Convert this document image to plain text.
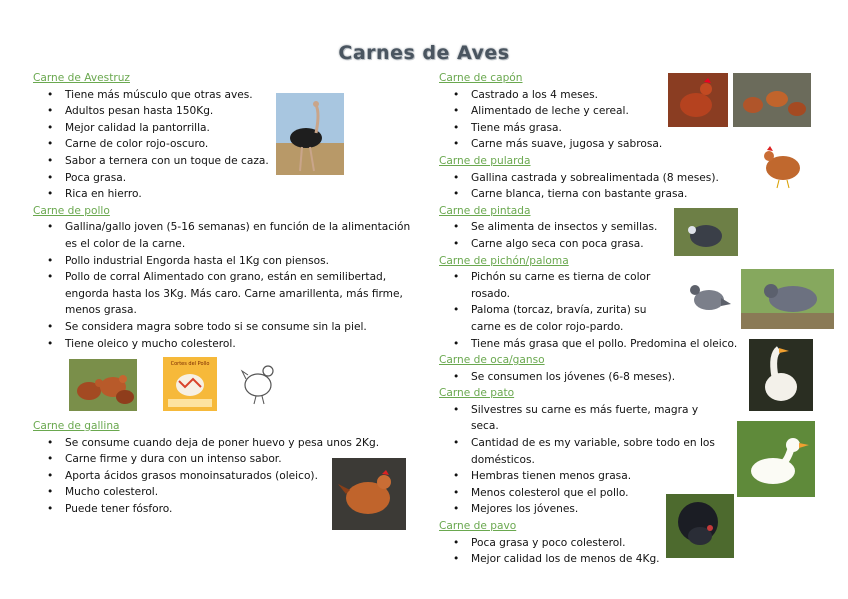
Carnes de Aves
Carne de Avestruz
• Tiene más músculo que otras aves.
• Adultos pesan hasta 150Kg.
• Mejor calidad la pantorrilla.
• Carne de color rojo-oscuro.
• Sabor a ternera con un toque de caza.
• Poca grasa.
• Rica en hierro.
Carne de pollo
• Gallina/gallo joven (5-16 semanas) en función de la alimentación es el color de la carne.
• Pollo industrial Engorda hasta el 1Kg con piensos.
• Pollo de corral Alimentado con grano, están en semilibertad, engorda hasta los 3Kg. Más caro. Carne amarillenta, más firme, menos grasa.
• Se considera magra sobre todo si se consume sin la piel.
• Tiene oleico y mucho colesterol.
Carne de gallina
• Se consume cuando deja de poner huevo y pesa unos 2Kg.
• Carne firme y dura con un intenso sabor.
• Aporta ácidos grasos monoinsaturados (oleico).
• Mucho colesterol.
• Puede tener fósforo.
Carne de capón
• Castrado a los 4 meses.
• Alimentado de leche y cereal.
• Tiene más grasa.
• Carne más suave, jugosa y sabrosa.
Carne de pularda
• Gallina castrada y sobrealimentada (8 meses).
• Carne blanca, tierna con bastante grasa.
Carne de pintada
• Se alimenta de insectos y semillas.
• Carne algo seca con poca grasa.
Carne de pichón/paloma
• Pichón su carne es tierna de color rosado.
• Paloma (torcaz, bravía, zurita) su carne es de color rojo-pardo.
• Tiene más grasa que el pollo. Predomina el oleico.
Carne de oca/ganso
• Se consumen los jóvenes (6-8 meses).
Carne de pato
• Silvestres su carne es más fuerte, magra y seca.
• Cantidad de es my variable, sobre todo en los domésticos.
• Hembras tienen menos grasa.
• Menos colesterol que el pollo.
• Mejores los jóvenes.
Carne de pavo
• Poca grasa y poco colesterol.
• Mejor calidad los de menos de 4Kg.
Cortes del Pollo
